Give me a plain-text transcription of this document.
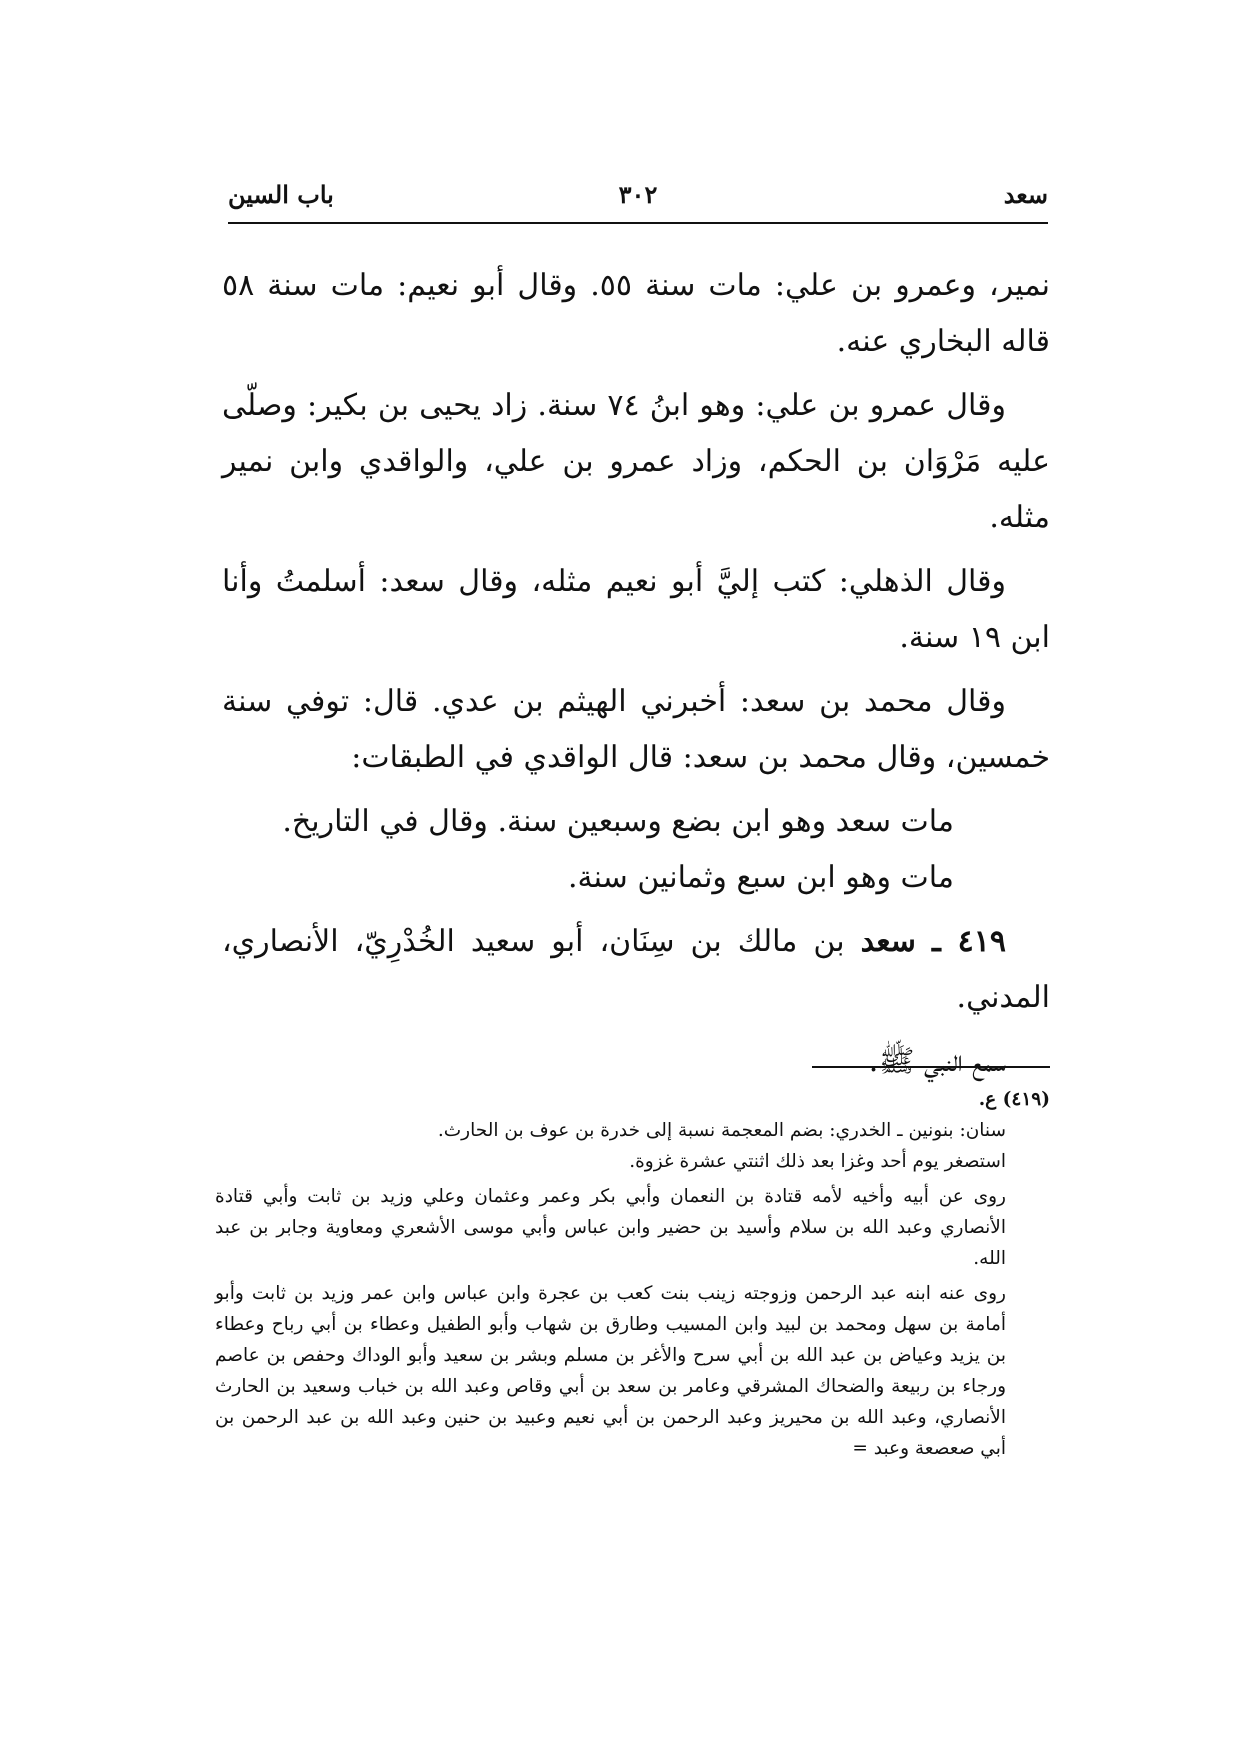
سعد
٣٠٢
باب السين

نمير، وعمرو بن علي: مات سنة ٥٥. وقال أبو نعيم: مات سنة ٥٨ قاله البخاري عنه.

وقال عمرو بن علي: وهو ابنُ ٧٤ سنة. زاد يحيى بن بكير: وصلّى عليه مَرْوَان بن الحكم، وزاد عمرو بن علي، والواقدي وابن نمير مثله.

وقال الذهلي: كتب إليَّ أبو نعيم مثله، وقال سعد: أسلمتُ وأنا ابن ١٩ سنة.

وقال محمد بن سعد: أخبرني الهيثم بن عدي. قال: توفي سنة خمسين، وقال محمد بن سعد: قال الواقدي في الطبقات:

مات سعد وهو ابن بضع وسبعين سنة. وقال في التاريخ.
مات وهو ابن سبع وثمانين سنة.

٤١٩ ـ سعد بن مالك بن سِنَان، أبو سعيد الخُدْرِيّ، الأنصاري، المدني.

سمع النبي ﷺ.

(٤١٩) ع.

سنان: بنونين ـ الخدري: بضم المعجمة نسبة إلى خدرة بن عوف بن الحارث.

استصغر يوم أحد وغزا بعد ذلك اثنتي عشرة غزوة.

روى عن أبيه وأخيه لأمه قتادة بن النعمان وأبي بكر وعمر وعثمان وعلي وزيد بن ثابت وأبي قتادة الأنصاري وعبد الله بن سلام وأسيد بن حضير وابن عباس وأبي موسى الأشعري ومعاوية وجابر بن عبد الله.

روى عنه ابنه عبد الرحمن وزوجته زينب بنت كعب بن عجرة وابن عباس وابن عمر وزيد بن ثابت وأبو أمامة بن سهل ومحمد بن لبيد وابن المسيب وطارق بن شهاب وأبو الطفيل وعطاء بن أبي رباح وعطاء بن يزيد وعياض بن عبد الله بن أبي سرح والأغر بن مسلم وبشر بن سعيد وأبو الوداك وحفص بن عاصم ورجاء بن ربيعة والضحاك المشرقي وعامر بن سعد بن أبي وقاص وعبد الله بن خباب وسعيد بن الحارث الأنصاري، وعبد الله بن محيريز وعبد الرحمن بن أبي نعيم وعبيد بن حنين وعبد الله بن عبد الرحمن بن أبي صعصعة وعبد =
